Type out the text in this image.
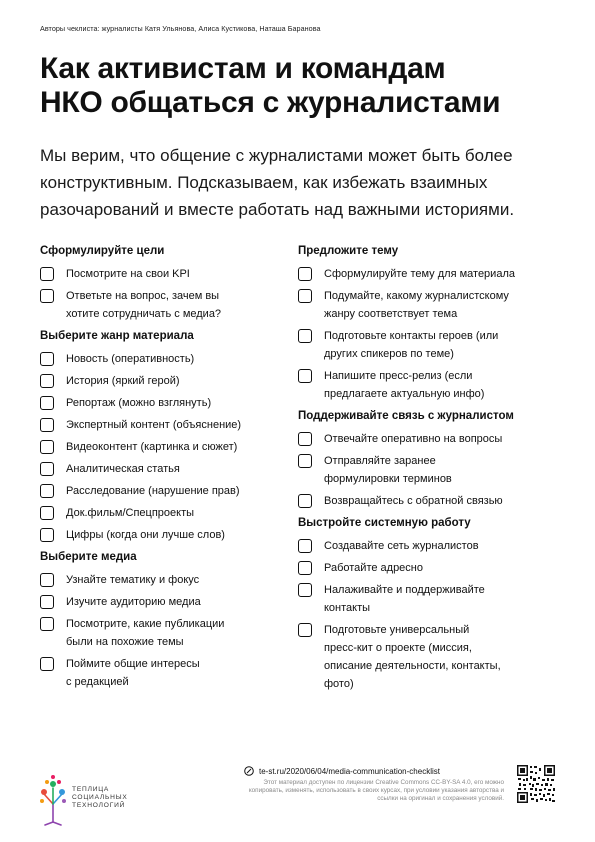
Авторы чеклиста: журналисты Катя Ульянова, Алиса Кустикова, Наташа Баранова
Как активистам и командам
НКО общаться с журналистами

Мы верим, что общение с журналистами может быть более
конструктивным. Подсказываем, как избежать взаимных
разочарований и вместе работать над важными историями.

Сформулируйте цели
Посмотрите на свои KPI
Ответьте на вопрос, зачем вы
хотите сотрудничать с медиа?
Выберите жанр материала
Новость (оперативность)
История (яркий герой)
Репортаж (можно взглянуть)
Экспертный контент (объяснение)
Видеоконтент (картинка и сюжет)
Аналитическая статья
Расследование (нарушение прав)
Док.фильм/Спецпроекты
Цифры (когда они лучше слов)
Выберите медиа
Узнайте тематику и фокус
Изучите аудиторию медиа
Посмотрите, какие публикации
были на похожие темы
Поймите общие интересы
с редакцией
Предложите тему
Сформулируйте тему для материала
Подумайте, какому журналистскому
жанру соответствует тема
Подготовьте контакты героев (или
других спикеров по теме)
Напишите пресс-релиз (если
предлагаете актуальную инфо)
Поддерживайте связь с журналистом
Отвечайте оперативно на вопросы
Отправляйте заранее
формулировки терминов
Возвращайтесь с обратной связью
Выстройте системную работу
Создавайте сеть журналистов
Работайте адресно
Налаживайте и поддерживайте
контакты
Подготовьте универсальный
пресс-кит о проекте (миссия,
описание деятельности, контакты,
фото)
ТЕПЛИЦА
СОЦИАЛЬНЫХ
ТЕХНОЛОГИЙ
te-st.ru/2020/06/04/media-communication-checklist
Этот материал доступен по лицензии Creative Commons CC-BY-SA 4.0, его можно копировать, изменять, использовать в своих курсах, при условии указания авторства и ссылки на оригинал и сохранения условий.
